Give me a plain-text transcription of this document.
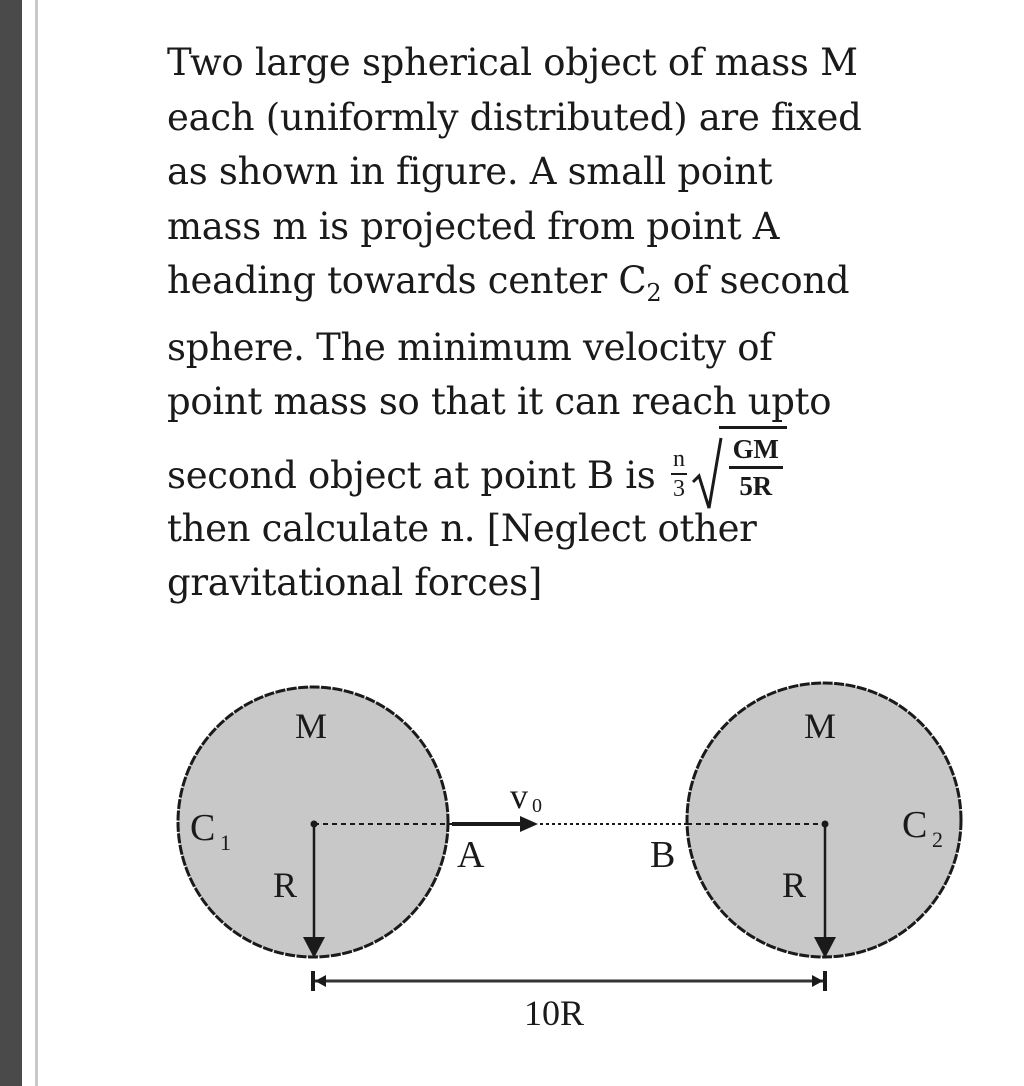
Two large spherical object of mass M
each (uniformly distributed) are fixed
as shown in figure. A small point
mass m is projected from point A
heading towards center $C_2$ of second
sphere. The minimum velocity of
point mass so that it can reach upto
second object at point B is $\frac{n}{3} \frac{GM}{5R}$
then calculate n. [Neglect other
gravitational forces]
M
C 1
R
v 0
A
M
C 2
R
B
10R
